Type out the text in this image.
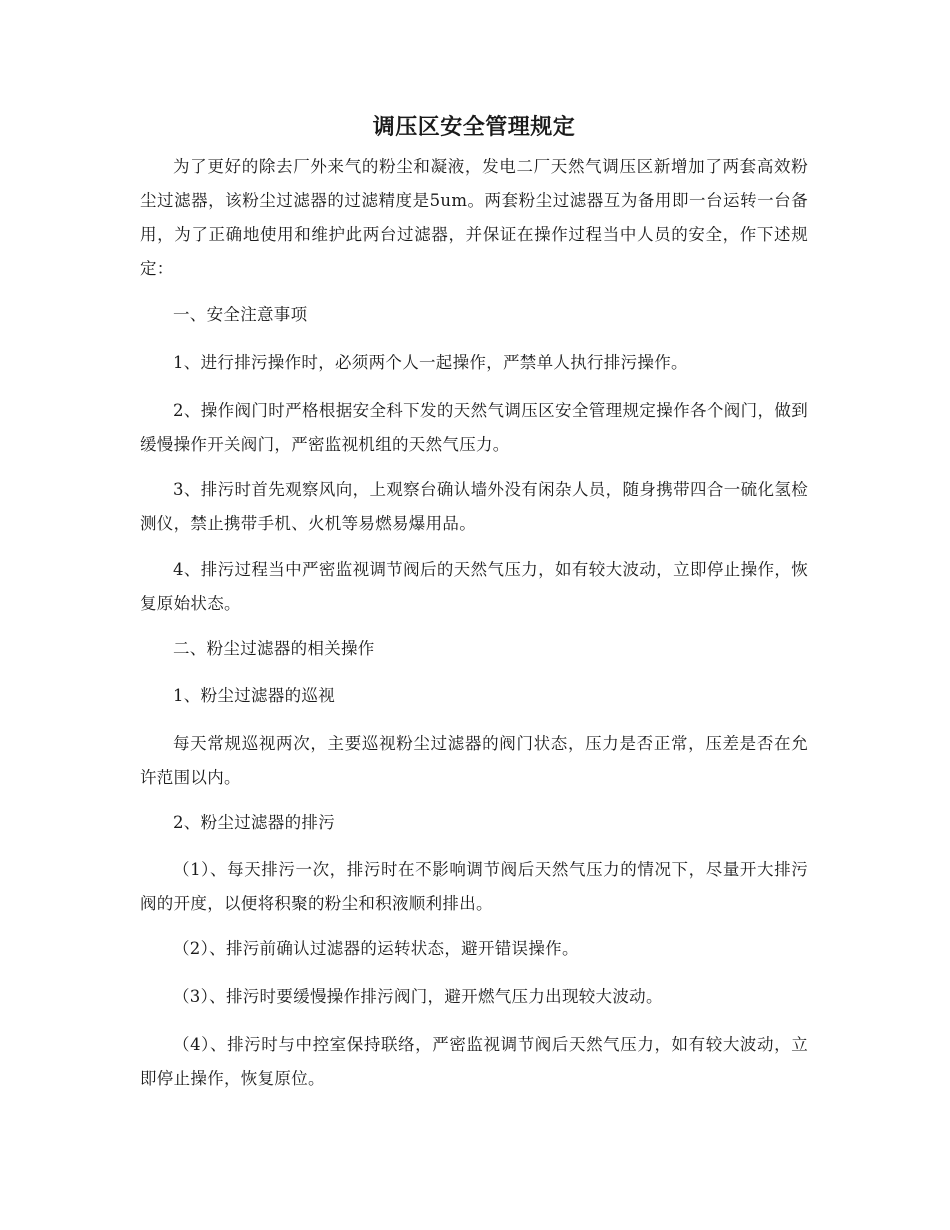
调压区安全管理规定

为了更好的除去厂外来气的粉尘和凝液，发电二厂天然气调压区新增加了两套高效粉尘过滤器，该粉尘过滤器的过滤精度是5um。两套粉尘过滤器互为备用即一台运转一台备用，为了正确地使用和维护此两台过滤器，并保证在操作过程当中人员的安全，作下述规定：

一、安全注意事项

1、进行排污操作时，必须两个人一起操作，严禁单人执行排污操作。

2、操作阀门时严格根据安全科下发的天然气调压区安全管理规定操作各个阀门，做到缓慢操作开关阀门，严密监视机组的天然气压力。

3、排污时首先观察风向，上观察台确认墙外没有闲杂人员，随身携带四合一硫化氢检测仪，禁止携带手机、火机等易燃易爆用品。

4、排污过程当中严密监视调节阀后的天然气压力，如有较大波动，立即停止操作，恢复原始状态。

二、粉尘过滤器的相关操作

1、粉尘过滤器的巡视

每天常规巡视两次，主要巡视粉尘过滤器的阀门状态，压力是否正常，压差是否在允许范围以内。

2、粉尘过滤器的排污

（1）、每天排污一次，排污时在不影响调节阀后天然气压力的情况下，尽量开大排污阀的开度，以便将积聚的粉尘和积液顺利排出。

（2）、排污前确认过滤器的运转状态，避开错误操作。

（3）、排污时要缓慢操作排污阀门，避开燃气压力出现较大波动。

（4）、排污时与中控室保持联络，严密监视调节阀后天然气压力，如有较大波动，立即停止操作，恢复原位。
